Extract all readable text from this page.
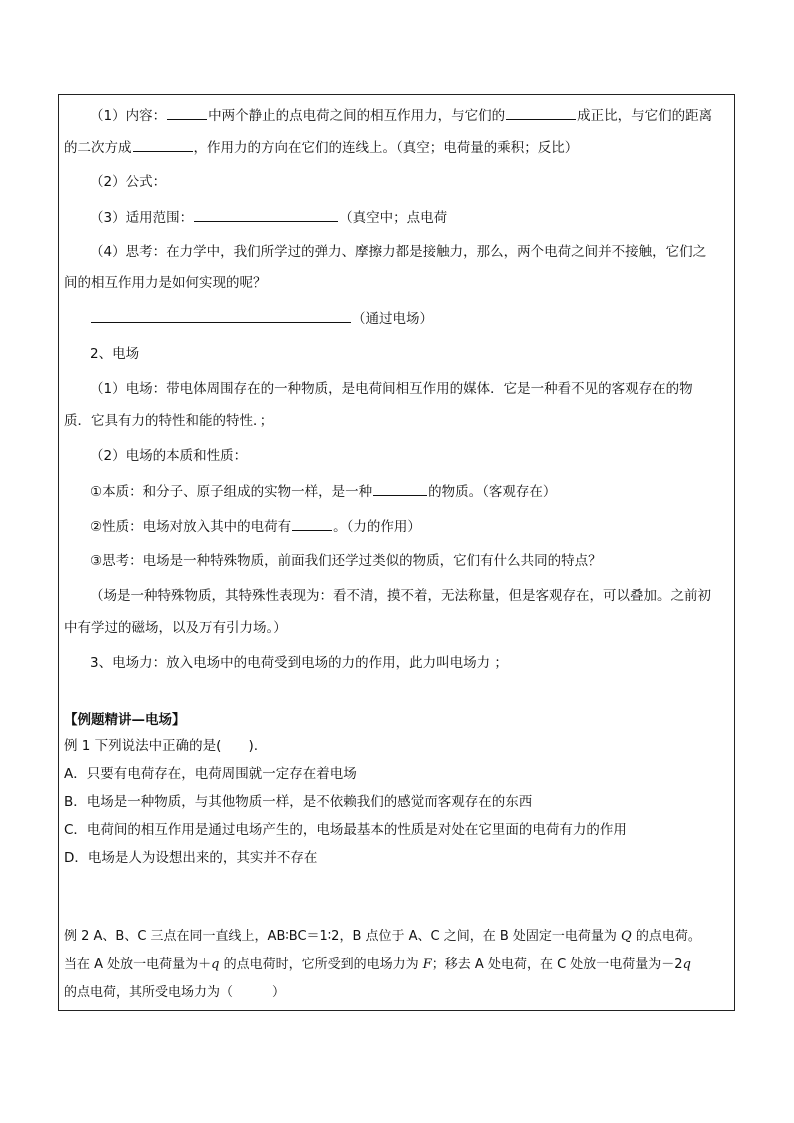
（1）内容：	中两个静止的点电荷之间的相互作用力，与它们的	成正比，与它们的距离
的二次方成	，作用力的方向在它们的连线上。（真空；电荷量的乘积；反比）
（2）公式：
（3）适用范围：	（真空中；点电荷
（4）思考：在力学中，我们所学过的弹力、摩擦力都是接触力，那么，两个电荷之间并不接触，它们之
间的相互作用力是如何实现的呢？
（通过电场）
2、电场
（1）电场：带电体周围存在的一种物质，是电荷间相互作用的媒体．它是一种看不见的客观存在的物
质．它具有力的特性和能的特性．；
（2）电场的本质和性质：
①本质：和分子、原子组成的实物一样，是一种	的物质。（客观存在）
②性质：电场对放入其中的电荷有	。（力的作用）
③思考：电场是一种特殊物质，前面我们还学过类似的物质，它们有什么共同的特点？
（场是一种特殊物质，其特殊性表现为：看不清，摸不着，无法称量，但是客观存在，可以叠加。之前初
中有学过的磁场，以及万有引力场。）
3、电场力：放入电场中的电荷受到电场的力的作用，此力叫电场力 ；
【例题精讲—电场】
例 1 下列说法中正确的是(　　).
A．只要有电荷存在，电荷周围就一定存在着电场
B．电场是一种物质，与其他物质一样，是不依赖我们的感觉而客观存在的东西
C．电荷间的相互作用是通过电场产生的，电场最基本的性质是对处在它里面的电荷有力的作用
D．电场是人为设想出来的，其实并不存在
例 2 A、B、C 三点在同一直线上，AB∶BC＝1∶2，B 点位于 A、C 之间，在 B 处固定一电荷量为 Q 的点电荷。
当在 A 处放一电荷量为＋q 的点电荷时，它所受到的电场力为 F；移去 A 处电荷，在 C 处放一电荷量为－2q
的点电荷，其所受电场力为（　　　）
